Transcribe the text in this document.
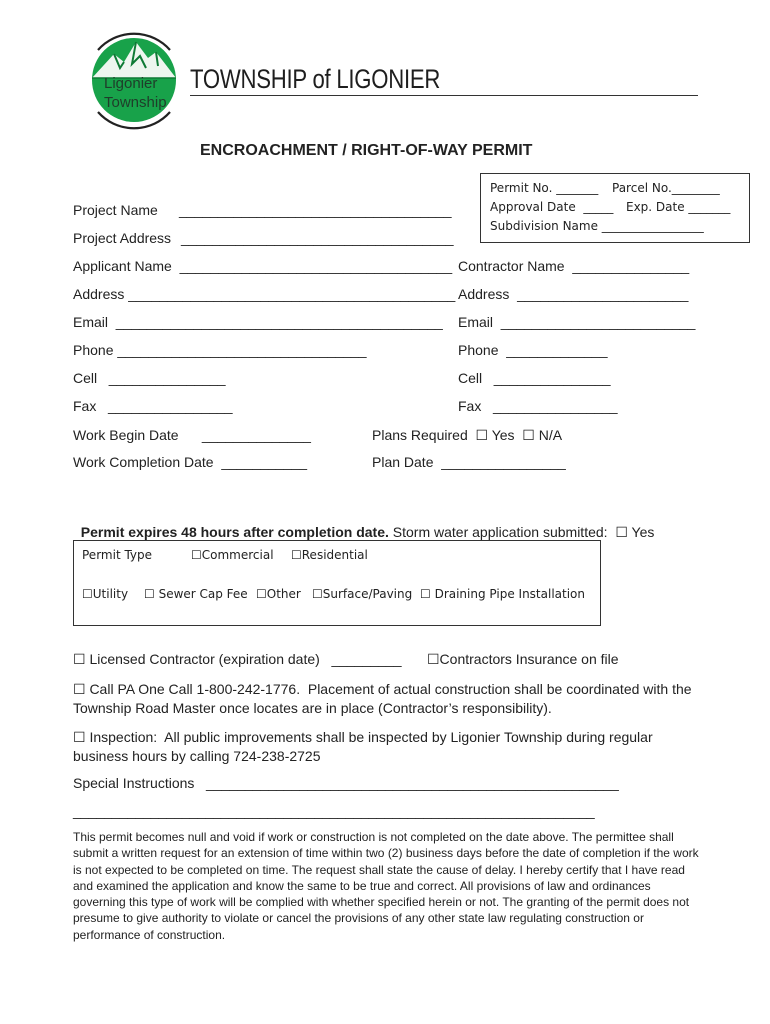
Ligonier
Township
TOWNSHIP of LIGONIER
ENCROACHMENT / RIGHT-OF-WAY PERMIT
Permit No. _______ Parcel No.________
Approval Date  _____ Exp. Date _______
Subdivision Name _________________
Project Name ___________________________________
Project Address ___________________________________
Applicant Name  ___________________________________ Contractor Name  _______________
Address __________________________________________ Address  ______________________
Email  __________________________________________ Email  _________________________
Phone ________________________________	Phone  _____________
Cell   _______________	Cell   _______________
Fax   ________________	Fax   ________________
Work Begin Date      ______________	Plans Required  ☐ Yes  ☐ N/A
Work Completion Date  ___________	Plan Date  ________________

Permit expires 48 hours after completion date. Storm water application submitted:  ☐ Yes

Permit Type	☐Commercial ☐Residential
☐Utility ☐ Sewer Cap Fee ☐Other ☐Surface/Paving ☐ Draining Pipe Installation
☐ Licensed Contractor (expiration date)   _________ ☐Contractors Insurance on file
☐ Call PA One Call 1-800-242-1776.  Placement of actual construction shall be coordinated with the
Township Road Master once locates are in place (Contractor’s responsibility).
☐ Inspection:  All public improvements shall be inspected by Ligonier Township during regular
business hours by calling 724-238-2725
Special Instructions   _____________________________________________________
___________________________________________________________________
This permit becomes null and void if work or construction is not completed on the date above. The permittee shall submit a written request for an extension of time within two (2) business days before the date of completion if the work is not expected to be completed on time. The request shall state the cause of delay. I hereby certify that I have read and examined the application and know the same to be true and correct. All provisions of law and ordinances governing this type of work will be complied with whether specified herein or not. The granting of the permit does not presume to give authority to violate or cancel the provisions of any other state law regulating construction or performance of construction.
